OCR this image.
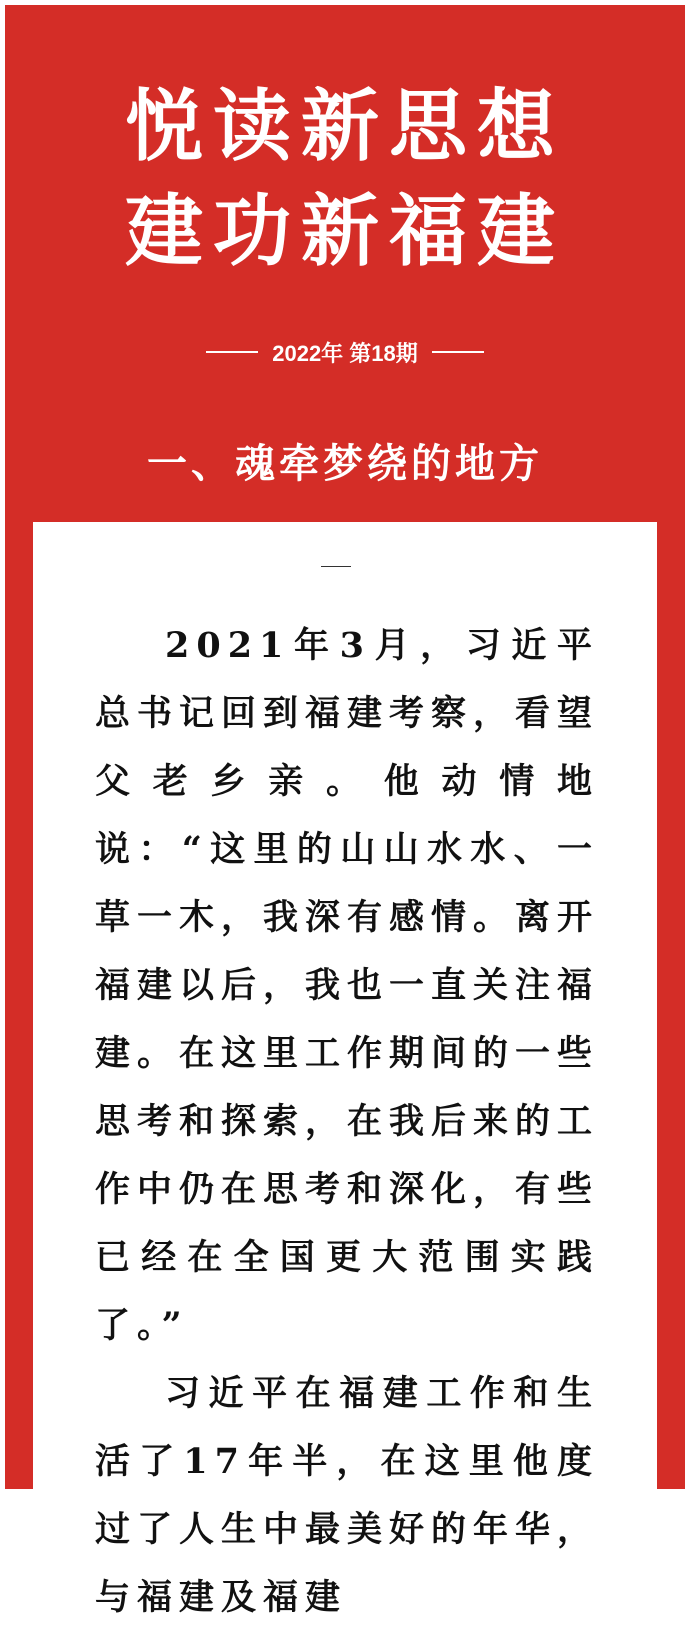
悦读新思想
建功新福建
2022年 第18期
一、魂牵梦绕的地方

2021年3月，习近平总书记回到福建考察，看望父老乡亲。他动情地说：“这里的山山水水、一草一木，我深有感情。离开福建以后，我也一直关注福建。在这里工作期间的一些思考和探索，在我后来的工作中仍在思考和深化，有些已经在全国更大范围实践了。”

习近平在福建工作和生活了17年半，在这里他度过了人生中最美好的年华，与福建及福建
